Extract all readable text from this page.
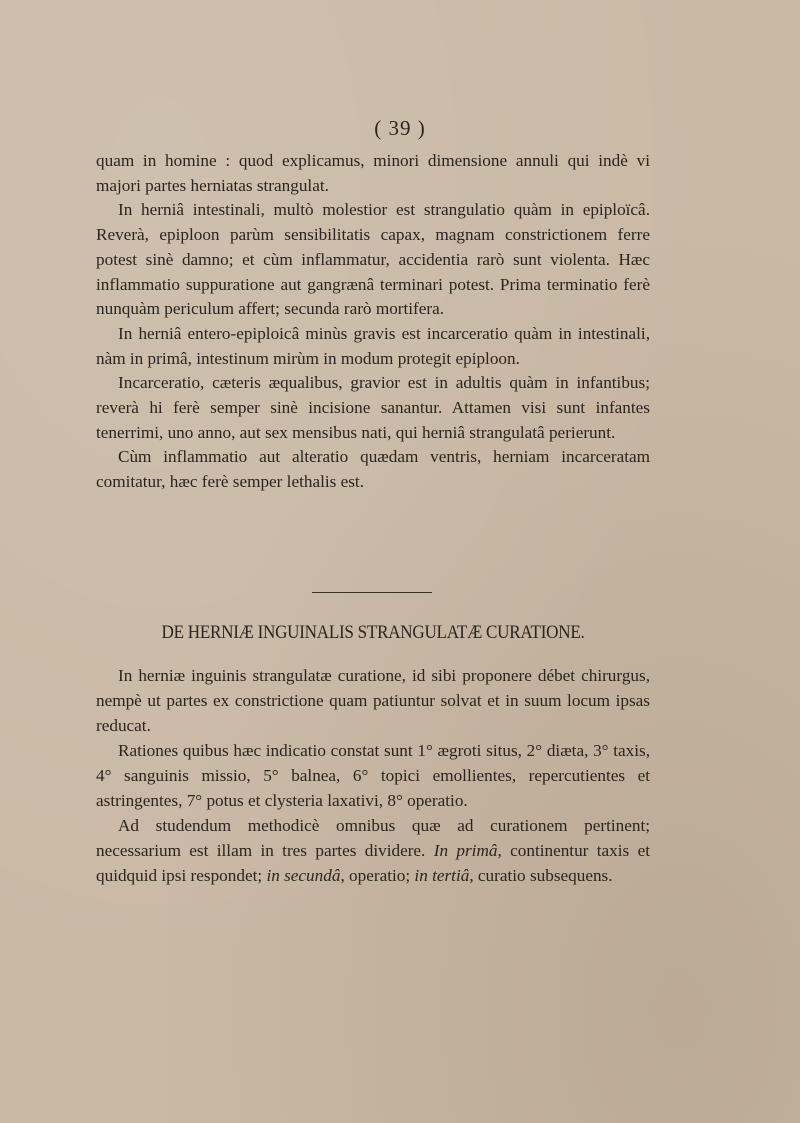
( 39 )

quam in homine : quod explicamus, minori dimensione annuli qui indè vi majori partes herniatas strangulat.

In herniâ intestinali, multò molestior est strangulatio quàm in epiploïcâ. Reverà, epiploon parùm sensibilitatis capax, magnam constrictionem ferre potest sinè damno; et cùm inflammatur, accidentia rarò sunt violenta. Hæc inflammatio suppuratione aut gangrænâ terminari potest. Prima terminatio ferè nunquàm periculum affert; secunda rarò mortifera.

In herniâ entero-epiploicâ minùs gravis est incarceratio quàm in intestinali, nàm in primâ, intestinum mirùm in modum protegit epiploon.

Incarceratio, cæteris æqualibus, gravior est in adultis quàm in infantibus; reverà hi ferè semper sinè incisione sanantur. Attamen visi sunt infantes tenerrimi, uno anno, aut sex mensibus nati, qui herniâ strangulatâ perierunt.

Cùm inflammatio aut alteratio quædam ventris, herniam incarceratam comitatur, hæc ferè semper lethalis est.

DE HERNIÆ INGUINALIS STRANGULATÆ CURATIONE.

In herniæ inguinis strangulatæ curatione, id sibi proponere débet chirurgus, nempè ut partes ex constrictione quam patiuntur solvat et in suum locum ipsas reducat.

Rationes quibus hæc indicatio constat sunt 1° ægroti situs, 2° diæta, 3° taxis, 4° sanguinis missio, 5° balnea, 6° topici emollientes, repercutientes et astringentes, 7° potus et clysteria laxativi, 8° operatio.

Ad studendum methodicè omnibus quæ ad curationem pertinent; necessarium est illam in tres partes dividere. In primâ, continentur taxis et quidquid ipsi respondet; in secundâ, operatio; in tertiâ, curatio subsequens.
